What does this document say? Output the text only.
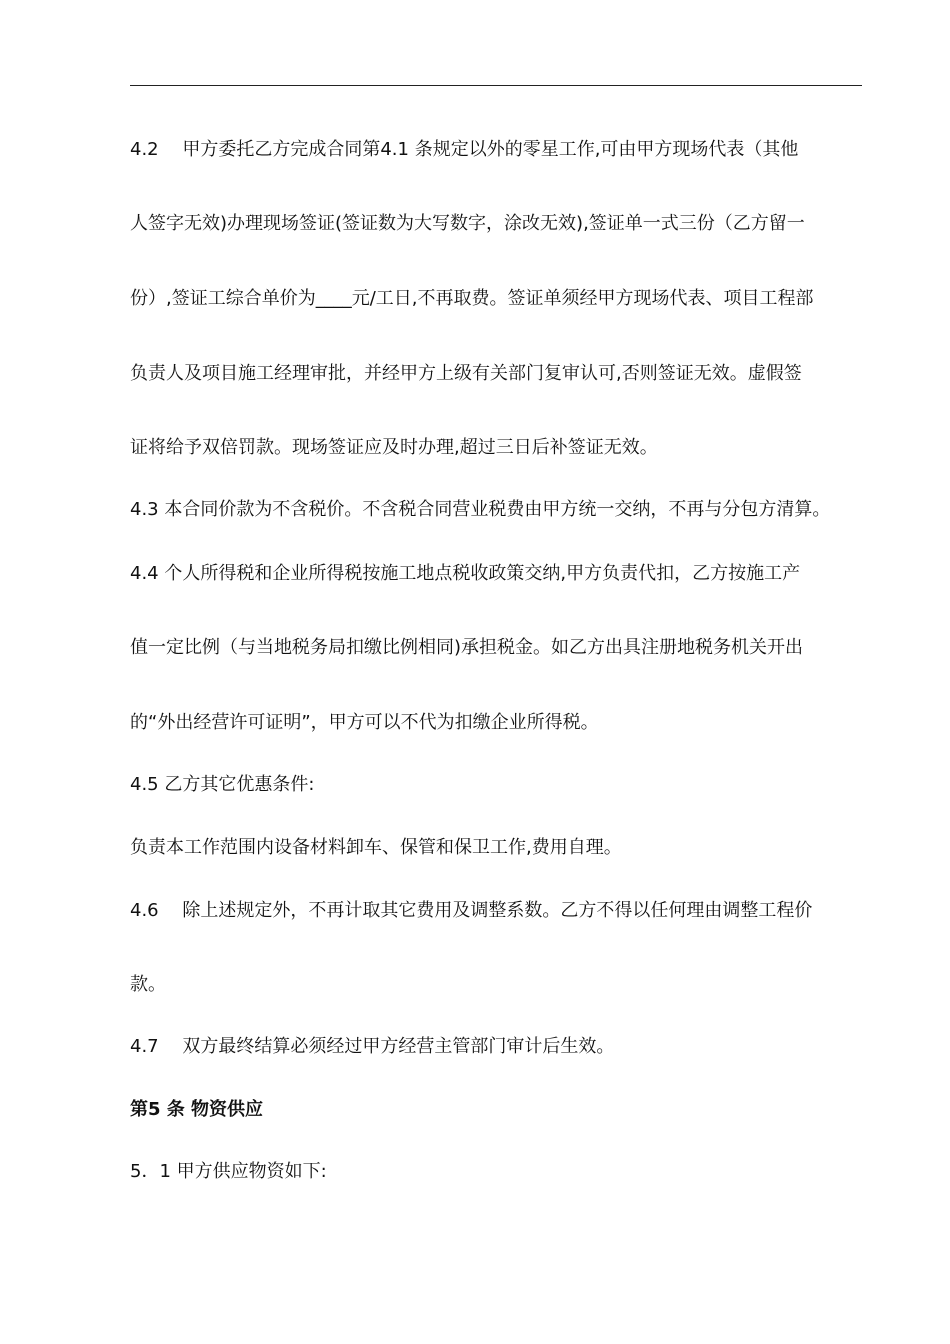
4.2　 甲方委托乙方完成合同第4.1 条规定以外的零星工作,可由甲方现场代表（其他
人签字无效)办理现场签证(签证数为大写数字，涂改无效),签证单一式三份（乙方留一
份）,签证工综合单价为____元/工日,不再取费。签证单须经甲方现场代表、项目工程部
负责人及项目施工经理审批，并经甲方上级有关部门复审认可,否则签证无效。虚假签
证将给予双倍罚款。现场签证应及时办理,超过三日后补签证无效。
4.3 本合同价款为不含税价。不含税合同营业税费由甲方统一交纳，不再与分包方清算。
4.4 个人所得税和企业所得税按施工地点税收政策交纳,甲方负责代扣，乙方按施工产
值一定比例（与当地税务局扣缴比例相同)承担税金。如乙方出具注册地税务机关开出
的“外出经营许可证明”，甲方可以不代为扣缴企业所得税。
4.5 乙方其它优惠条件:
负责本工作范围内设备材料卸车、保管和保卫工作,费用自理。
4.6　 除上述规定外，不再计取其它费用及调整系数。乙方不得以任何理由调整工程价
款。
4.7　 双方最终结算必须经过甲方经营主管部门审计后生效。
第5 条 物资供应
5．1 甲方供应物资如下:
